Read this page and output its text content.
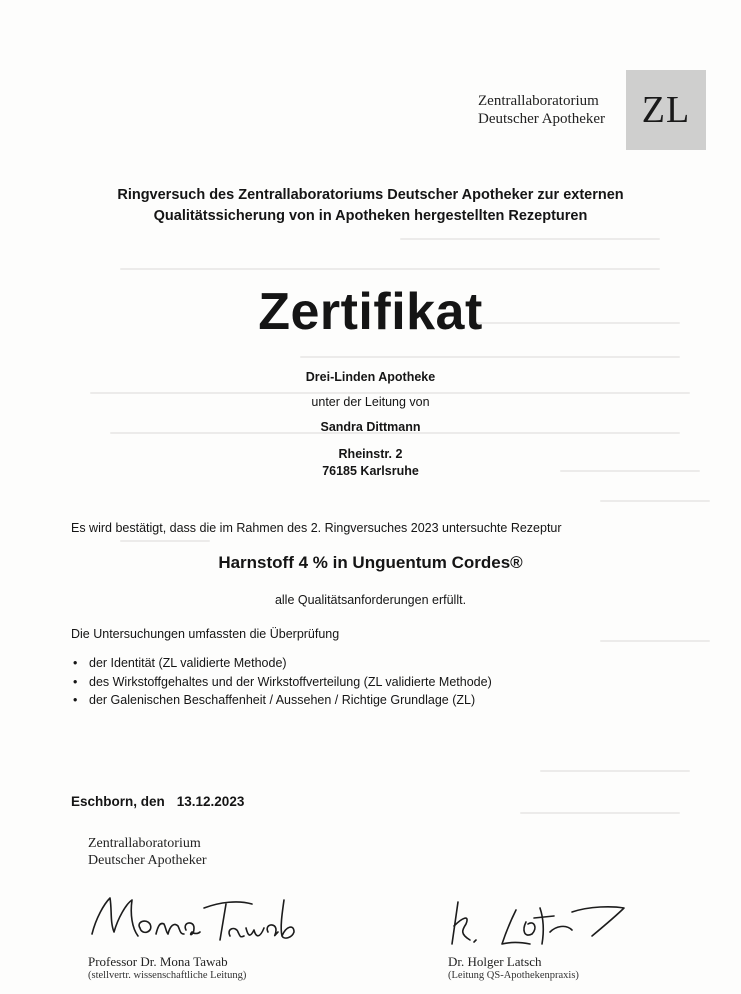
Zentrallaboratorium
Deutscher Apotheker ZL
Ringversuch des Zentrallaboratoriums Deutscher Apotheker zur externen
Qualitätssicherung von in Apotheken hergestellten Rezepturen
Zertifikat
Drei-Linden Apotheke
unter der Leitung von
Sandra Dittmann
Rheinstr. 2
76185 Karlsruhe
Es wird bestätigt, dass die im Rahmen des 2. Ringversuches 2023 untersuchte Rezeptur
Harnstoff 4 % in Unguentum Cordes®
alle Qualitätsanforderungen erfüllt.
Die Untersuchungen umfassten die Überprüfung
• der Identität (ZL validierte Methode)
• des Wirkstoffgehaltes und der Wirkstoffverteilung (ZL validierte Methode)
• der Galenischen Beschaffenheit / Aussehen / Richtige Grundlage (ZL)
Eschborn, den 13.12.2023
Zentrallaboratorium
Deutscher Apotheker
Professor Dr. Mona Tawab
(stellvertr. wissenschaftliche Leitung)
Dr. Holger Latsch
(Leitung QS-Apothekenpraxis)
